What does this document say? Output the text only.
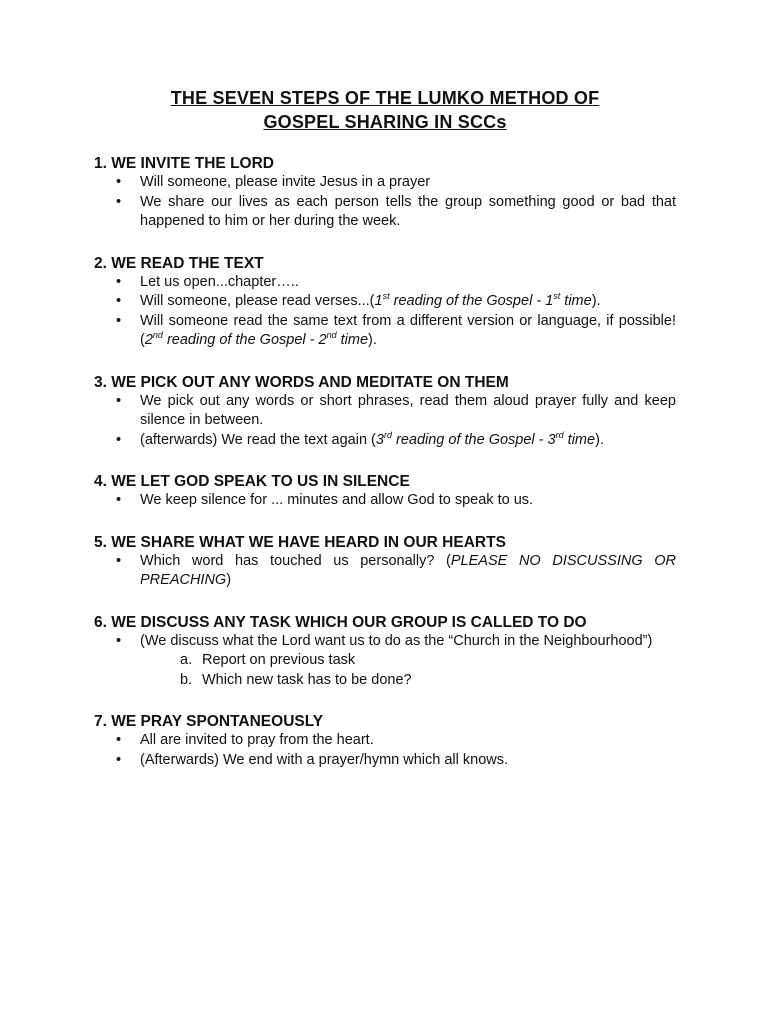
THE SEVEN STEPS OF THE LUMKO METHOD OF
GOSPEL SHARING IN SCCs
1. WE INVITE THE LORD
• Will someone, please invite Jesus in a prayer
• We share our lives as each person tells the group something good or bad that happened to him or her during the week.
2. WE READ THE TEXT
• Let us open...chapter…..
• Will someone, please read verses...(1st reading of the Gospel - 1st time).
• Will someone read the same text from a different version or language, if possible! (2nd reading of the Gospel - 2nd time).
3. WE PICK OUT ANY WORDS AND MEDITATE ON THEM
• We pick out any words or short phrases, read them aloud prayer fully and keep silence in between.
• (afterwards) We read the text again (3rd reading of the Gospel - 3rd time).
4. WE LET GOD SPEAK TO US IN SILENCE
• We keep silence for ... minutes and allow God to speak to us.
5. WE SHARE WHAT WE HAVE HEARD IN OUR HEARTS
• Which word has touched us personally? (PLEASE NO DISCUSSING OR PREACHING)
6. WE DISCUSS ANY TASK WHICH OUR GROUP IS CALLED TO DO
• (We discuss what the Lord want us to do as the “Church in the Neighbourhood”)
a. Report on previous task
b. Which new task has to be done?
7. WE PRAY SPONTANEOUSLY
• All are invited to pray from the heart.
• (Afterwards) We end with a prayer/hymn which all knows.
